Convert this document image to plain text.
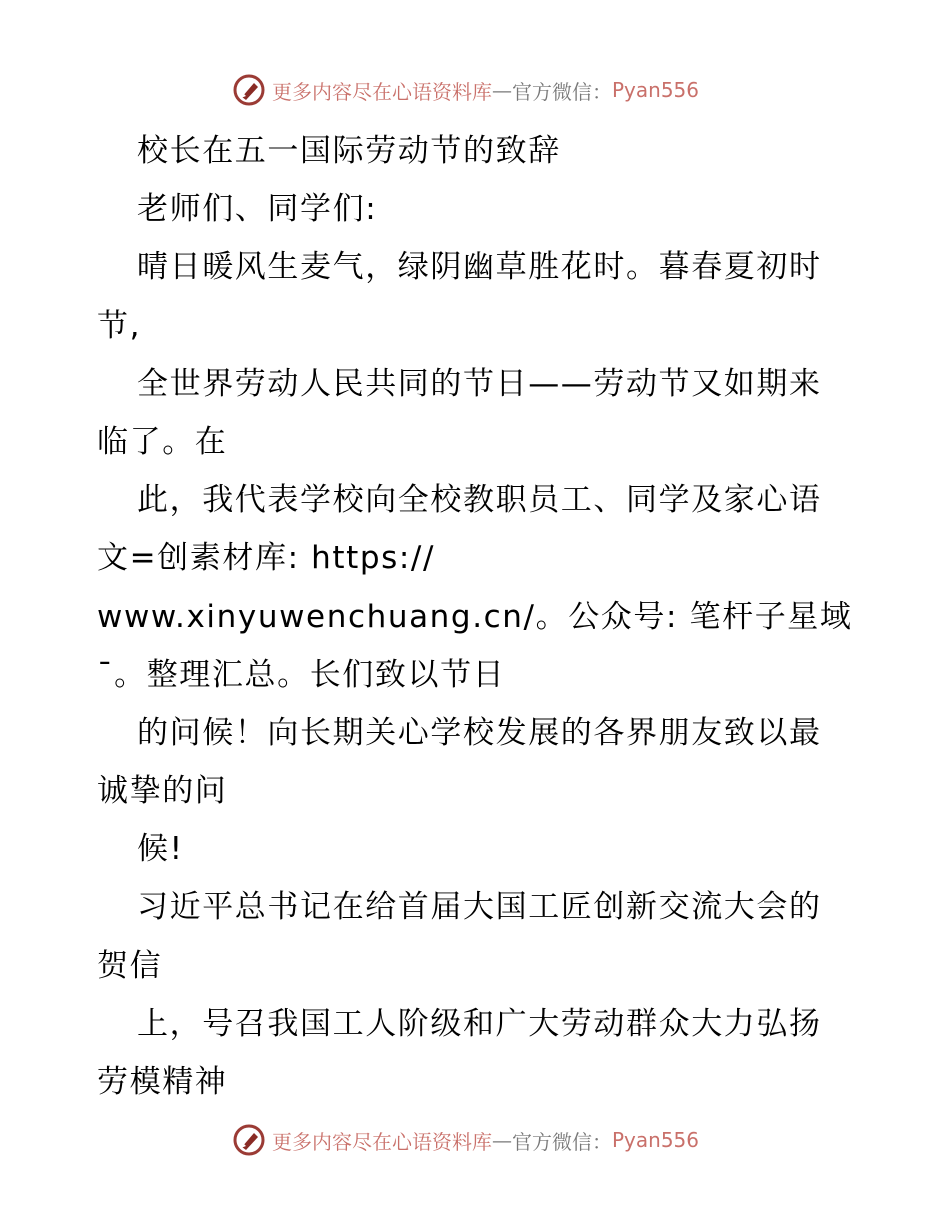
更多内容尽在心语资料库 — 官方微信： Pyan556
校长在五一国际劳动节的致辞
老师们、同学们:
晴日暖风生麦气，绿阴幽草胜花时。暮春夏初时
节,
全世界劳动人民共同的节日——劳动节又如期来
临了。在
此，我代表学校向全校教职员工、同学及家心语
文=创素材库: https://
www.xinyuwenchuang.cn/。公众号: 笔杆子星域
¯。整理汇总。长们致以节日
的问候！向长期关心学校发展的各界朋友致以最
诚挚的问
候!
习近平总书记在给首届大国工匠创新交流大会的
贺信
上，号召我国工人阶级和广大劳动群众大力弘扬
劳模精神
更多内容尽在心语资料库 — 官方微信： Pyan556
